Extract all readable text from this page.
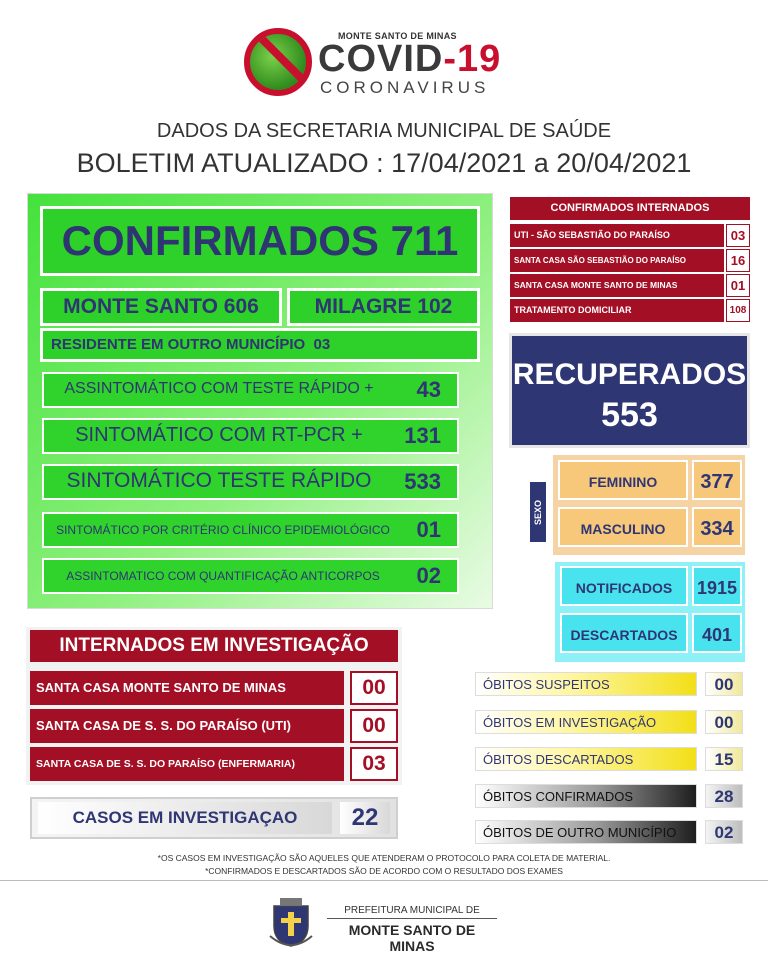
MONTE SANTO DE MINAS
COVID-19
CORONAVIRUS
DADOS DA SECRETARIA MUNICIPAL DE SAÚDE
BOLETIM ATUALIZADO : 17/04/2021 a 20/04/2021
CONFIRMADOS 711
MONTE SANTO 606	MILAGRE 102
RESIDENTE EM OUTRO MUNICÍPIO 03
ASSINTOMÁTICO COM TESTE RÁPIDO +	43
SINTOMÁTICO COM RT-PCR +	131
SINTOMÁTICO TESTE RÁPIDO	533
SINTOMÁTICO POR CRITÉRIO CLÍNICO EPIDEMIOLÓGICO	01
ASSINTOMATICO COM QUANTIFICAÇÃO ANTICORPOS	02
CONFIRMADOS INTERNADOS
UTI - SÃO SEBASTIÃO DO PARAÍSO	03
SANTA CASA SÃO SEBASTIÃO DO PARAÍSO	16
SANTA CASA MONTE SANTO DE MINAS	01
TRATAMENTO DOMICILIAR	108
RECUPERADOS
553
SEXO
FEMININO	377
MASCULINO	334
NOTIFICADOS	1915
DESCARTADOS	401
INTERNADOS EM INVESTIGAÇÃO
SANTA CASA MONTE SANTO DE MINAS	00
SANTA CASA DE S. S. DO PARAÍSO (UTI)	00
SANTA CASA DE S. S. DO PARAÍSO (ENFERMARIA)	03
CASOS EM INVESTIGAÇAO	22
ÓBITOS SUSPEITOS	00
ÓBITOS EM INVESTIGAÇÃO	00
ÓBITOS DESCARTADOS	15
ÓBITOS CONFIRMADOS	28
ÓBITOS DE OUTRO MUNICÍPIO	02
*OS CASOS EM INVESTIGAÇÃO SÃO AQUELES QUE ATENDERAM O PROTOCOLO PARA COLETA DE MATERIAL.
*CONFIRMADOS E DESCARTADOS SÃO DE ACORDO COM O RESULTADO DOS EXAMES
PREFEITURA MUNICIPAL DE
MONTE SANTO DE MINAS
